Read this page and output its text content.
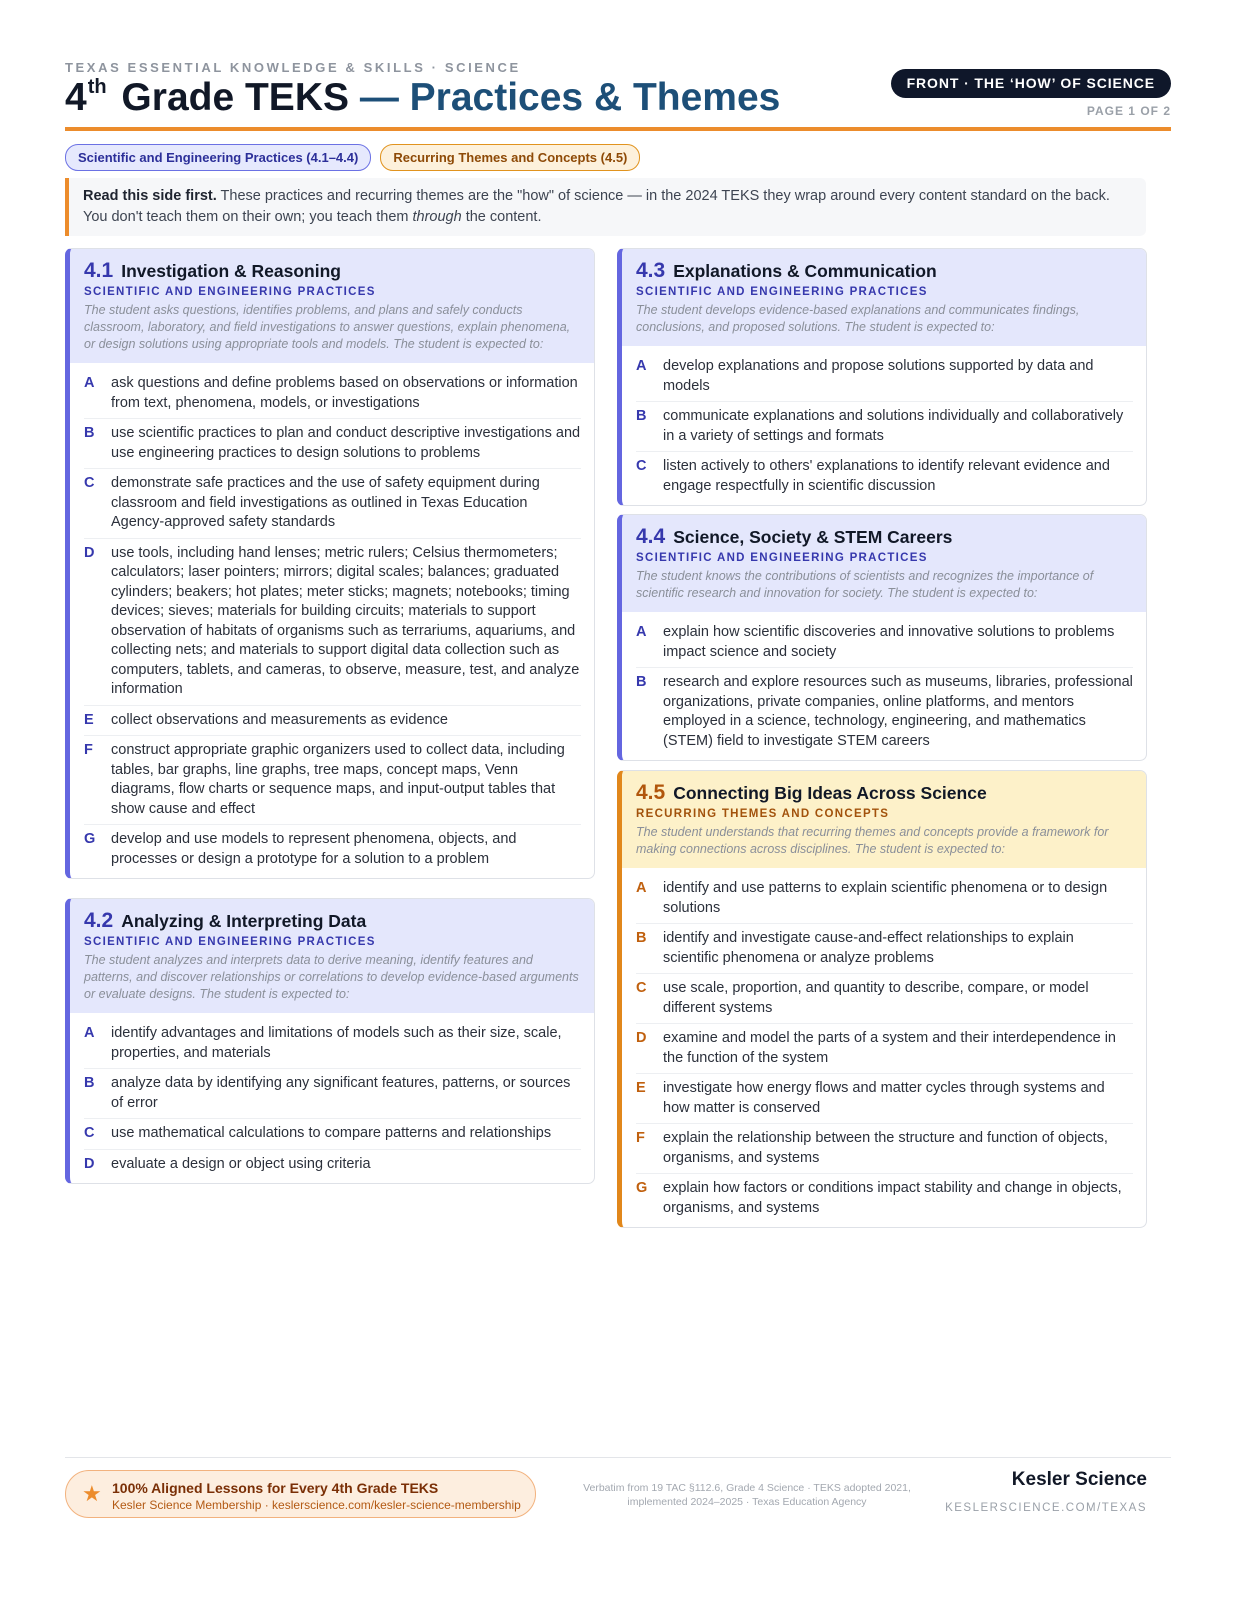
TEXAS ESSENTIAL KNOWLEDGE & SKILLS · SCIENCE
4th Grade TEKS — Practices & Themes	FRONT · THE ‘HOW’ OF SCIENCE
PAGE 1 OF 2
Scientific and Engineering Practices (4.1–4.4)	Recurring Themes and Concepts (4.5)
Read this side first. These practices and recurring themes are the "how" of science — in the 2024 TEKS they wrap around every content standard on the back. You don't teach them on their own; you teach them through the content.
4.1 Investigation & Reasoning
SCIENTIFIC AND ENGINEERING PRACTICES
The student asks questions, identifies problems, and plans and safely conducts classroom, laboratory, and field investigations to answer questions, explain phenomena, or design solutions using appropriate tools and models. The student is expected to:
A	ask questions and define problems based on observations or information from text, phenomena, models, or investigations
B	use scientific practices to plan and conduct descriptive investigations and use engineering practices to design solutions to problems
C	demonstrate safe practices and the use of safety equipment during classroom and field investigations as outlined in Texas Education Agency-approved safety standards
D	use tools, including hand lenses; metric rulers; Celsius thermometers; calculators; laser pointers; mirrors; digital scales; balances; graduated cylinders; beakers; hot plates; meter sticks; magnets; notebooks; timing devices; sieves; materials for building circuits; materials to support observation of habitats of organisms such as terrariums, aquariums, and collecting nets; and materials to support digital data collection such as computers, tablets, and cameras, to observe, measure, test, and analyze information
E	collect observations and measurements as evidence
F	construct appropriate graphic organizers used to collect data, including tables, bar graphs, line graphs, tree maps, concept maps, Venn diagrams, flow charts or sequence maps, and input-output tables that show cause and effect
G	develop and use models to represent phenomena, objects, and processes or design a prototype for a solution to a problem
4.2 Analyzing & Interpreting Data
SCIENTIFIC AND ENGINEERING PRACTICES
The student analyzes and interprets data to derive meaning, identify features and patterns, and discover relationships or correlations to develop evidence-based arguments or evaluate designs. The student is expected to:
A	identify advantages and limitations of models such as their size, scale, properties, and materials
B	analyze data by identifying any significant features, patterns, or sources of error
C	use mathematical calculations to compare patterns and relationships
D	evaluate a design or object using criteria
4.3 Explanations & Communication
SCIENTIFIC AND ENGINEERING PRACTICES
The student develops evidence-based explanations and communicates findings, conclusions, and proposed solutions. The student is expected to:
A	develop explanations and propose solutions supported by data and models
B	communicate explanations and solutions individually and collaboratively in a variety of settings and formats
C	listen actively to others' explanations to identify relevant evidence and engage respectfully in scientific discussion
4.4 Science, Society & STEM Careers
SCIENTIFIC AND ENGINEERING PRACTICES
The student knows the contributions of scientists and recognizes the importance of scientific research and innovation for society. The student is expected to:
A	explain how scientific discoveries and innovative solutions to problems impact science and society
B	research and explore resources such as museums, libraries, professional organizations, private companies, online platforms, and mentors employed in a science, technology, engineering, and mathematics (STEM) field to investigate STEM careers
4.5 Connecting Big Ideas Across Science
RECURRING THEMES AND CONCEPTS
The student understands that recurring themes and concepts provide a framework for making connections across disciplines. The student is expected to:
A	identify and use patterns to explain scientific phenomena or to design solutions
B	identify and investigate cause-and-effect relationships to explain scientific phenomena or analyze problems
C	use scale, proportion, and quantity to describe, compare, or model different systems
D	examine and model the parts of a system and their interdependence in the function of the system
E	investigate how energy flows and matter cycles through systems and how matter is conserved
F	explain the relationship between the structure and function of objects, organisms, and systems
G	explain how factors or conditions impact stability and change in objects, organisms, and systems
★ 100% Aligned Lessons for Every 4th Grade TEKS
Kesler Science Membership · keslerscience.com/kesler-science-membership
Verbatim from 19 TAC §112.6, Grade 4 Science · TEKS adopted 2021, implemented 2024–2025 · Texas Education Agency
Kesler Science
KESLERSCIENCE.COM/TEXAS
